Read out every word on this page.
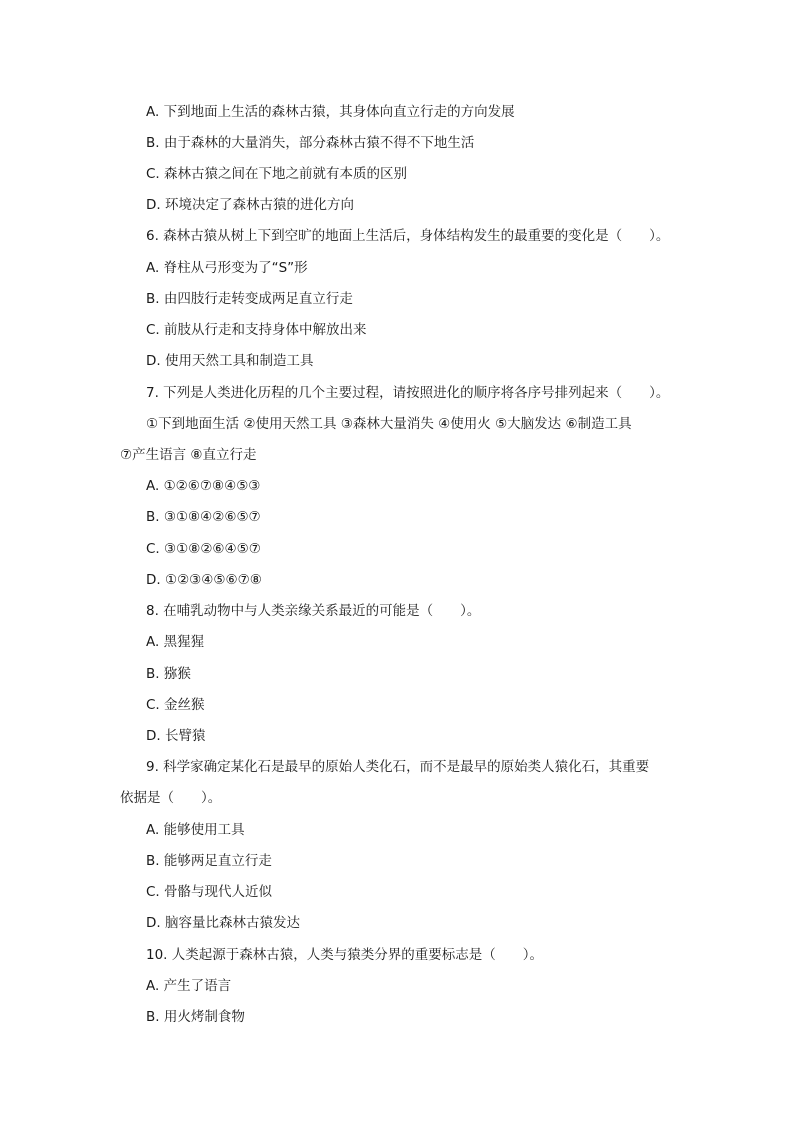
A. 下到地面上生活的森林古猿，其身体向直立行走的方向发展
B. 由于森林的大量消失，部分森林古猿不得不下地生活
C. 森林古猿之间在下地之前就有本质的区别
D. 环境决定了森林古猿的进化方向
6. 森林古猿从树上下到空旷的地面上生活后，身体结构发生的最重要的变化是（　　）。
A. 脊柱从弓形变为了“S”形
B. 由四肢行走转变成两足直立行走
C. 前肢从行走和支持身体中解放出来
D. 使用天然工具和制造工具
7. 下列是人类进化历程的几个主要过程，请按照进化的顺序将各序号排列起来（　　）。
①下到地面生活 ②使用天然工具 ③森林大量消失 ④使用火 ⑤大脑发达 ⑥制造工具
⑦产生语言 ⑧直立行走
A. ①②⑥⑦⑧④⑤③
B. ③①⑧④②⑥⑤⑦
C. ③①⑧②⑥④⑤⑦
D. ①②③④⑤⑥⑦⑧
8. 在哺乳动物中与人类亲缘关系最近的可能是（　　）。
A. 黑猩猩
B. 猕猴
C. 金丝猴
D. 长臂猿
9. 科学家确定某化石是最早的原始人类化石，而不是最早的原始类人猿化石，其重要
依据是（　　）。
A. 能够使用工具
B. 能够两足直立行走
C. 骨骼与现代人近似
D. 脑容量比森林古猿发达
10. 人类起源于森林古猿，人类与猿类分界的重要标志是（　　）。
A. 产生了语言
B. 用火烤制食物
